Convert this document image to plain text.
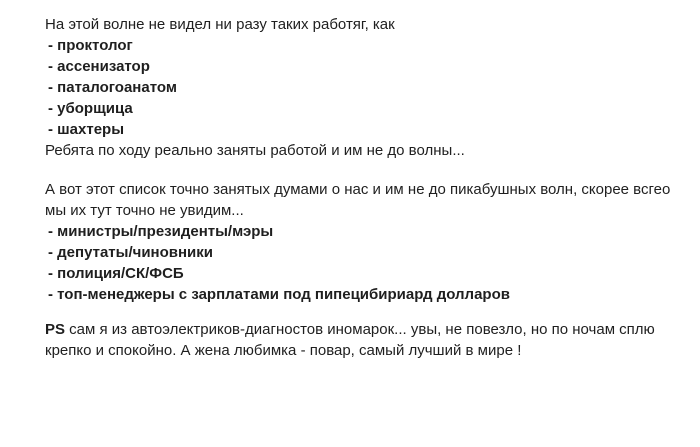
На этой волне не видел ни разу таких работяг, как
- проктолог
- ассенизатор
- паталогоанатом
- уборщица
- шахтеры
Ребята по ходу реально заняты работой и им не до волны...
А вот этот список точно занятых думами о нас и им не до пикабушных волн, скорее всгео
мы их тут точно не увидим...
- министры/президенты/мэры
- депутаты/чиновники
- полиция/СК/ФСБ
- топ-менеджеры с зарплатами под пипецибириард долларов
PS сам я из автоэлектриков-диагностов иномарок... увы, не повезло, но по ночам сплю
крепко и спокойно. А жена любимка - повар, самый лучший в мире !
